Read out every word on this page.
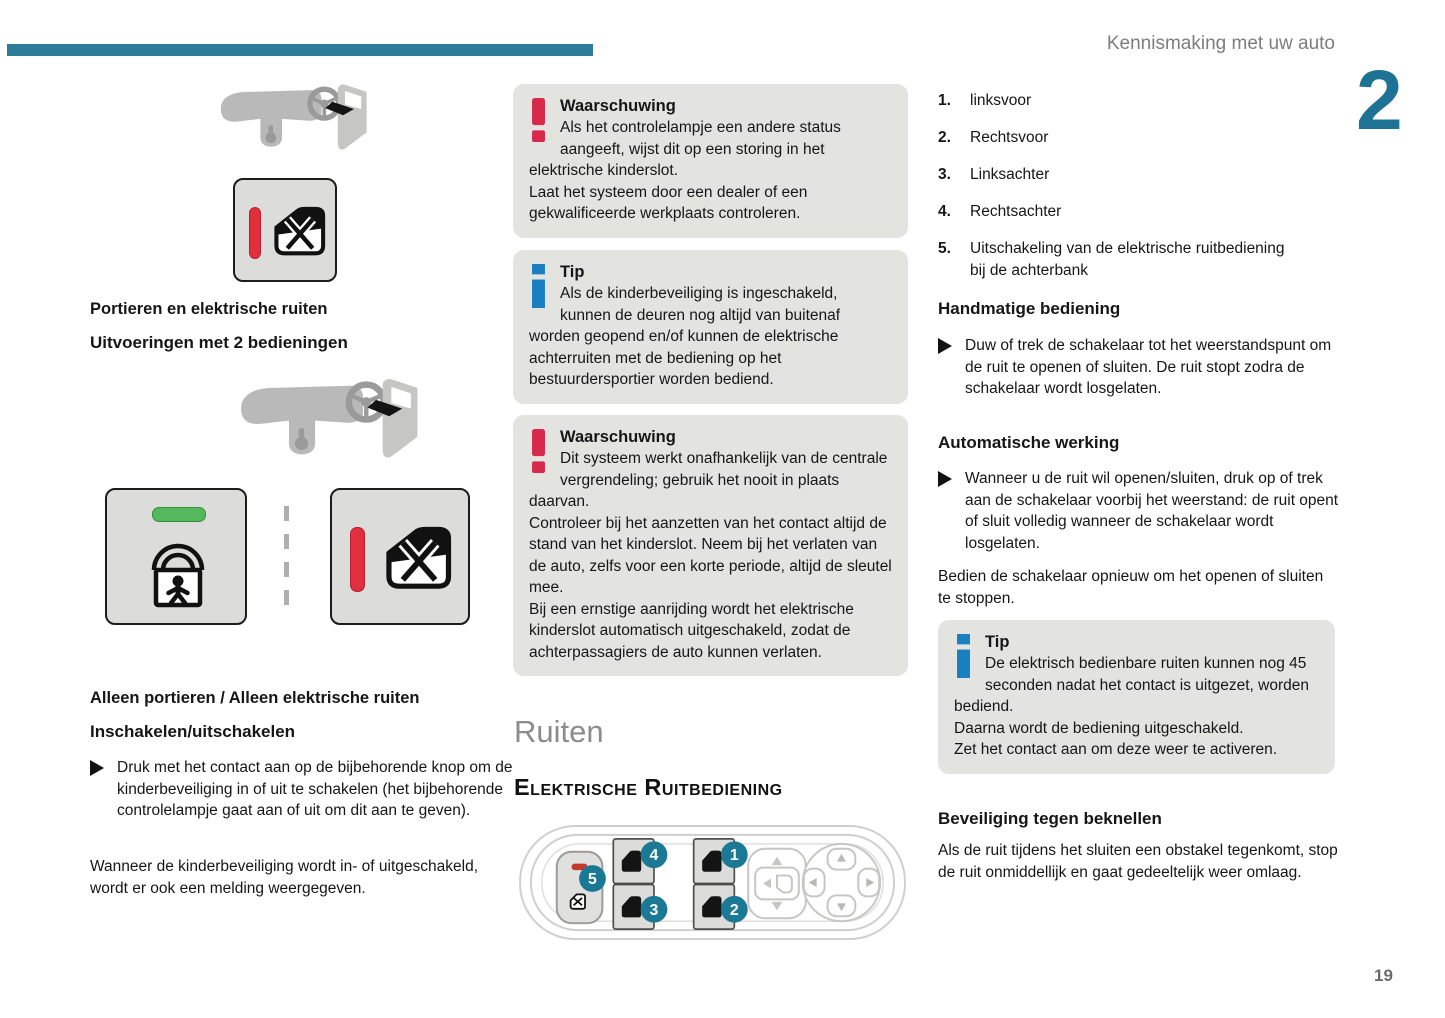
Kennismaking met uw auto
2
19
Portieren en elektrische ruiten
Uitvoeringen met 2 bedieningen
Alleen portieren / Alleen elektrische ruiten
Inschakelen/uitschakelen
Druk met het contact aan op de bijbehorende knop om de kinderbeveiliging in of uit te schakelen (het bijbehorende controlelampje gaat aan of uit om dit aan te geven).
Wanneer de kinderbeveiliging wordt in- of uitgeschakeld, wordt er ook een melding weergegeven.
Waarschuwing

Als het controlelampje een andere status aangeeft, wijst dit op een storing in het elektrische kinderslot.

Laat het systeem door een dealer of een gekwalificeerde werkplaats controleren.

Tip

Als de kinderbeveiliging is ingeschakeld, kunnen de deuren nog altijd van buitenaf worden geopend en/of kunnen de elektrische achterruiten met de bediening op het bestuurdersportier worden bediend.

Waarschuwing

Dit systeem werkt onafhankelijk van de centrale vergrendeling; gebruik het nooit in plaats daarvan.

Controleer bij het aanzetten van het contact altijd de stand van het kinderslot. Neem bij het verlaten van de auto, zelfs voor een korte periode, altijd de sleutel mee.

Bij een ernstige aanrijding wordt het elektrische kinderslot automatisch uitgeschakeld, zodat de achterpassagiers de auto kunnen verlaten.

Ruiten
Elektrische Ruitbediening
1
2
3
4
5
1.	linksvoor
2.	Rechtsvoor
3.	Linksachter
4.	Rechtsachter
5.	Uitschakeling van de elektrische ruitbediening bij de achterbank
Handmatige bediening
Duw of trek de schakelaar tot het weerstandspunt om de ruit te openen of sluiten. De ruit stopt zodra de schakelaar wordt losgelaten.
Automatische werking
Wanneer u de ruit wil openen/sluiten, druk op of trek aan de schakelaar voorbij het weerstand: de ruit opent of sluit volledig wanneer de schakelaar wordt losgelaten.
Bedien de schakelaar opnieuw om het openen of sluiten te stoppen.
Tip

De elektrisch bedienbare ruiten kunnen nog 45 seconden nadat het contact is uitgezet, worden bediend.

Daarna wordt de bediening uitgeschakeld.

Zet het contact aan om deze weer te activeren.

Beveiliging tegen beknellen
Als de ruit tijdens het sluiten een obstakel tegenkomt, stop de ruit onmiddellijk en gaat gedeeltelijk weer omlaag.
